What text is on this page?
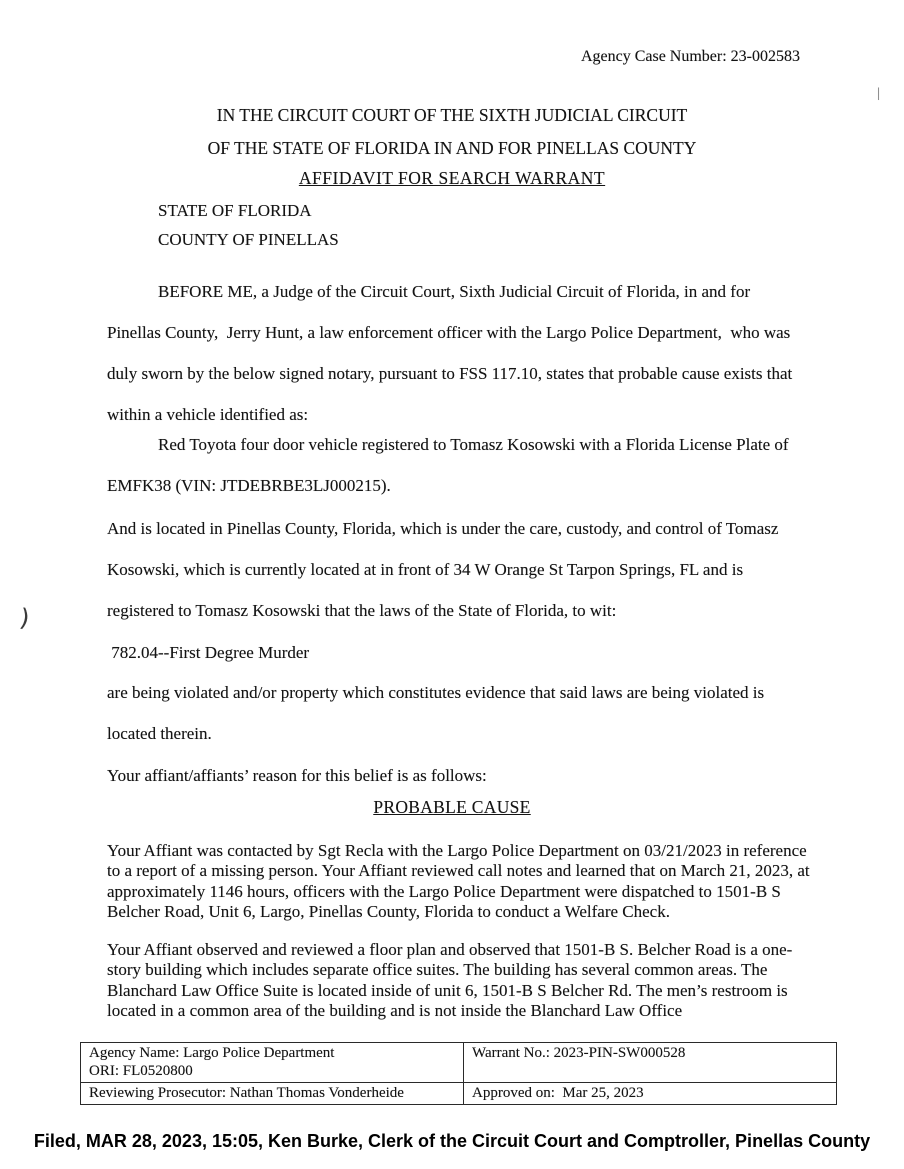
Agency Case Number: 23-002583
|
IN THE CIRCUIT COURT OF THE SIXTH JUDICIAL CIRCUIT
OF THE STATE OF FLORIDA IN AND FOR PINELLAS COUNTY
AFFIDAVIT FOR SEARCH WARRANT
STATE OF FLORIDA
COUNTY OF PINELLAS
BEFORE ME, a Judge of the Circuit Court, Sixth Judicial Circuit of Florida, in and for Pinellas County,  Jerry Hunt, a law enforcement officer with the Largo Police Department,  who was duly sworn by the below signed notary, pursuant to FSS 117.10, states that probable cause exists that within a vehicle identified as:
Red Toyota four door vehicle registered to Tomasz Kosowski with a Florida License Plate of EMFK38 (VIN: JTDEBRBE3LJ000215).
And is located in Pinellas County, Florida, which is under the care, custody, and control of Tomasz Kosowski, which is currently located at in front of 34 W Orange St Tarpon Springs, FL and is registered to Tomasz Kosowski that the laws of the State of Florida, to wit:
782.04--First Degree Murder
are being violated and/or property which constitutes evidence that said laws are being violated is located therein.
Your affiant/affiants’ reason for this belief is as follows:
PROBABLE CAUSE
Your Affiant was contacted by Sgt Recla with the Largo Police Department on 03/21/2023 in reference to a report of a missing person. Your Affiant reviewed call notes and learned that on March 21, 2023, at approximately 1146 hours, officers with the Largo Police Department were dispatched to 1501-B S Belcher Road, Unit 6, Largo, Pinellas County, Florida to conduct a Welfare Check.
Your Affiant observed and reviewed a floor plan and observed that 1501-B S. Belcher Road is a one-story building which includes separate office suites. The building has several common areas. The Blanchard Law Office Suite is located inside of unit 6, 1501-B S Belcher Rd. The men’s restroom is located in a common area of the building and is not inside the Blanchard Law Office
Agency Name: Largo Police Department
ORI: FL0520800	Warrant No.: 2023-PIN-SW000528
Reviewing Prosecutor: Nathan Thomas Vonderheide	Approved on:  Mar 25, 2023
Filed, MAR 28, 2023, 15:05, Ken Burke, Clerk of the Circuit Court and Comptroller, Pinellas County
)
